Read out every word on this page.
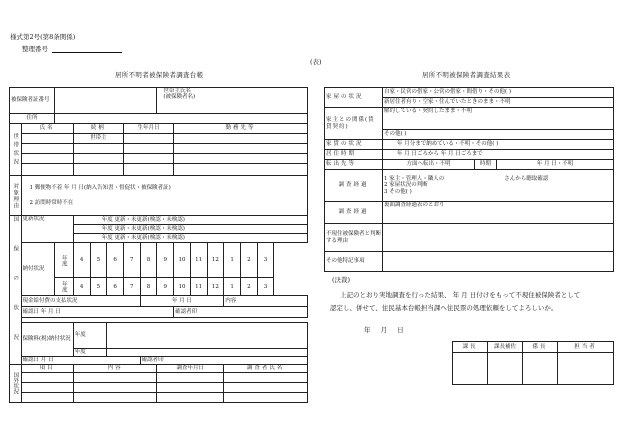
様式第2号(第8条関係)
整理番号
(表)
居所不明者被保険者調査台帳	居所不明被保険者調査結果表
被保険者証番号								世帯主氏名
(被保険者名)						

住所														
世帯状況	氏名		続柄			生年月日			勤務先等					
			世帯主											

対象理由	1 郵便物不着 年 月 日(納入告知書・督促状・被保険者証)
2 訪問時常時不在													

国保の状況	更新状況		年度 更新・未更新(検認・未検認)											
			年度 更新・未更新(検認・未検認)											
			年度 更新・未更新(検認・未検認)											
	納付状況	年度	4	5	6	7	8	9	10	11	12	1	2	3
		年度	4	5	6	7	8	9	10	11	12	1	2	3
	現金給付費の支払状況						年 月 日					内容		
	確認日 年 月 日								確認者印					

	保険料(税)納付状況		年度											
			年度											
	確認日 月 日						確認者印							
国外状況	項目		内容					調査年月日				調査者氏名		

家屋の状況	自家・民営の借家・公営の借家・間借り・その他( )		
	新居住者有り・空家・住んでいたときのまま・不明		
家主との関係(賃貸契約)	解約している・契約したまま・不明		
	その他( )		
家賃の状況	年 月分まで納めている・不明・その他( )		
居住時期	年 月 日ごろから 年 月 日ごろまで		
転出先等	方面へ転出・不明	時期	年 月 日・不明
調査経過	1 家主・管理人・隣人の さんから聴取確認
2 家屋状況の判断
3 その他( )		

調査経過	裏面調査経過表のとおり		
不現住被保険者と判断する理由			
その他特記事項			
(決裁)
上記のとおり実地調査を行った結果、 年 月 日付けをもって不現住被保険者として
認定し、併せて、住民基本台帳担当課へ住民票の処理依頼をしてよろしいか。
年 月 日
課長	課長補佐	係長	担当者
